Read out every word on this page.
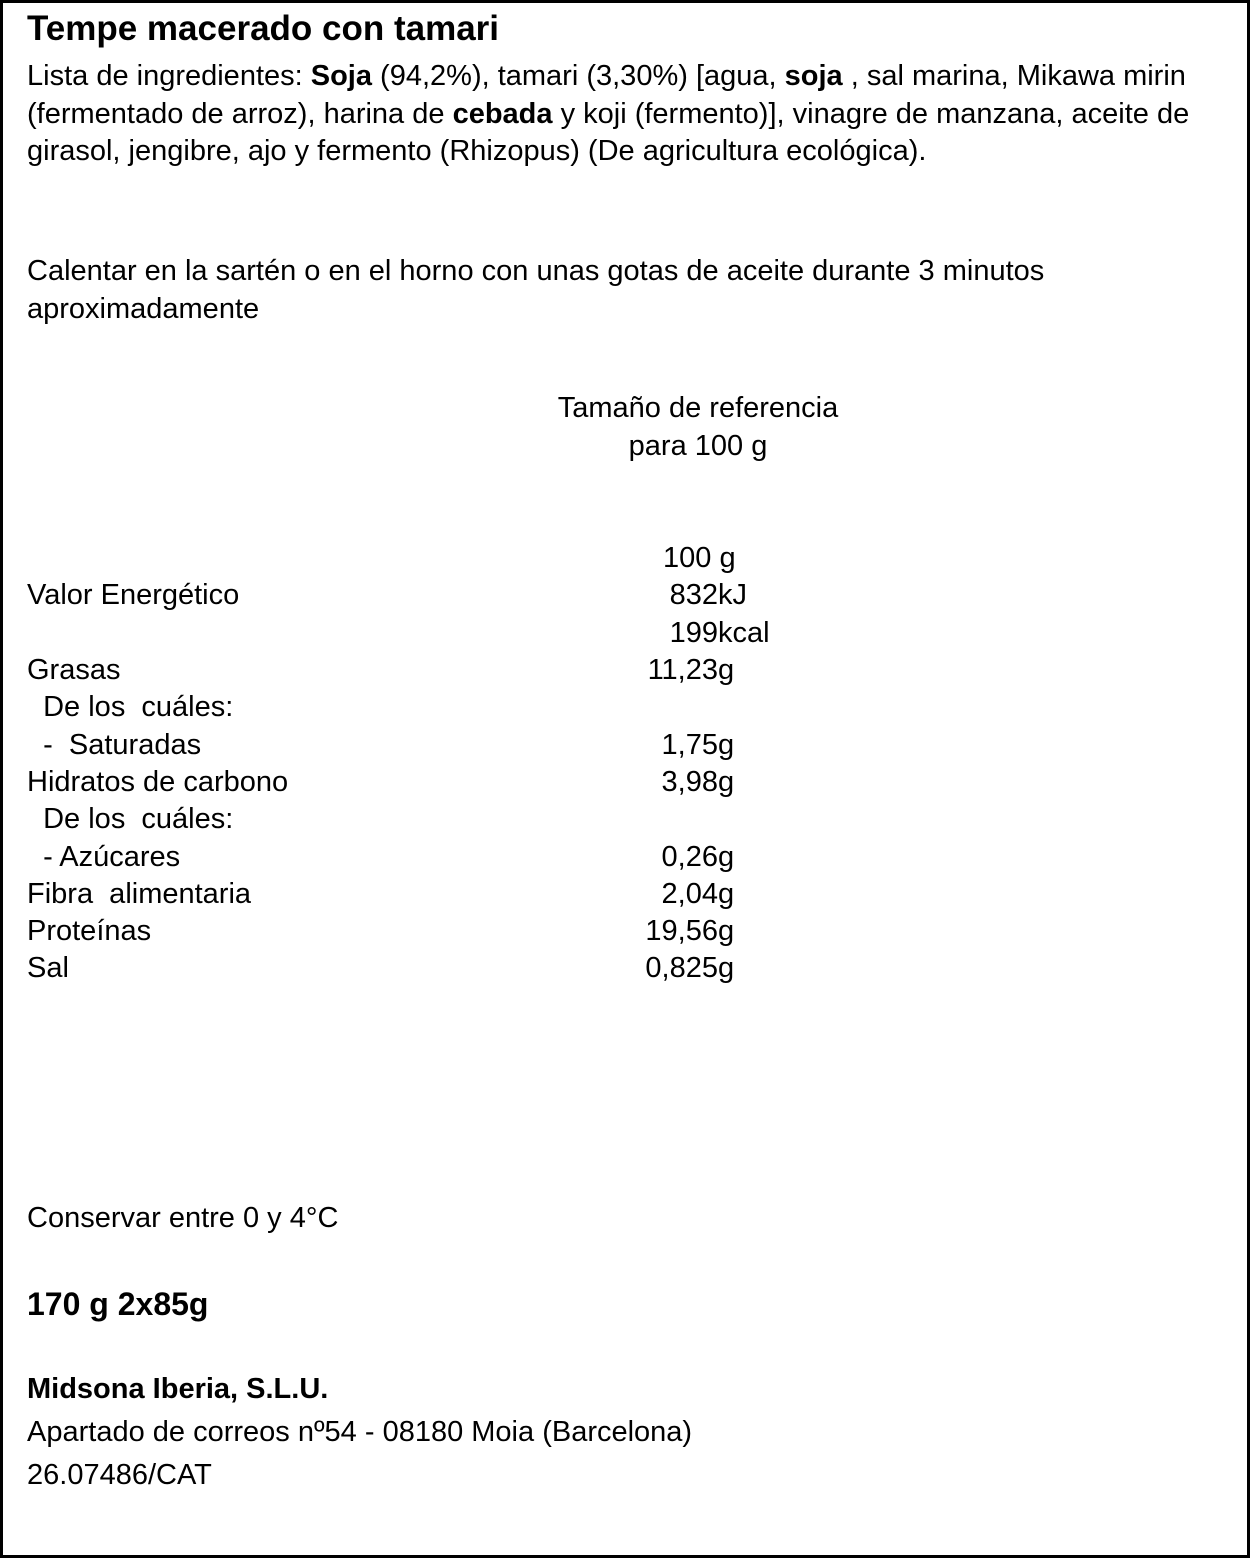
Tempe macerado con tamari
Lista de ingredientes: Soja (94,2%), tamari (3,30%) [agua, soja , sal marina, Mikawa mirin (fermentado de arroz), harina de cebada y koji (fermento)], vinagre de manzana, aceite de girasol, jengibre, ajo y fermento (Rhizopus) (De agricultura ecológica).
Calentar en la sartén o en el horno con unas gotas de aceite durante 3 minutos aproximadamente
Tamaño de referencia
para 100 g
100 g
Valor Energético	832 kJ
199 kcal
Grasas	11,23 g
De los  cuáles:
-  Saturadas	1,75 g
Hidratos de carbono	3,98 g
De los  cuáles:
- Azúcares	0,26 g
Fibra  alimentaria	2,04 g
Proteínas	19,56 g
Sal	0,825 g
Conservar entre 0 y 4°C
170 g 2x85g
Midsona Iberia, S.L.U.
Apartado de correos nº54 - 08180 Moia (Barcelona)
26.07486/CAT
